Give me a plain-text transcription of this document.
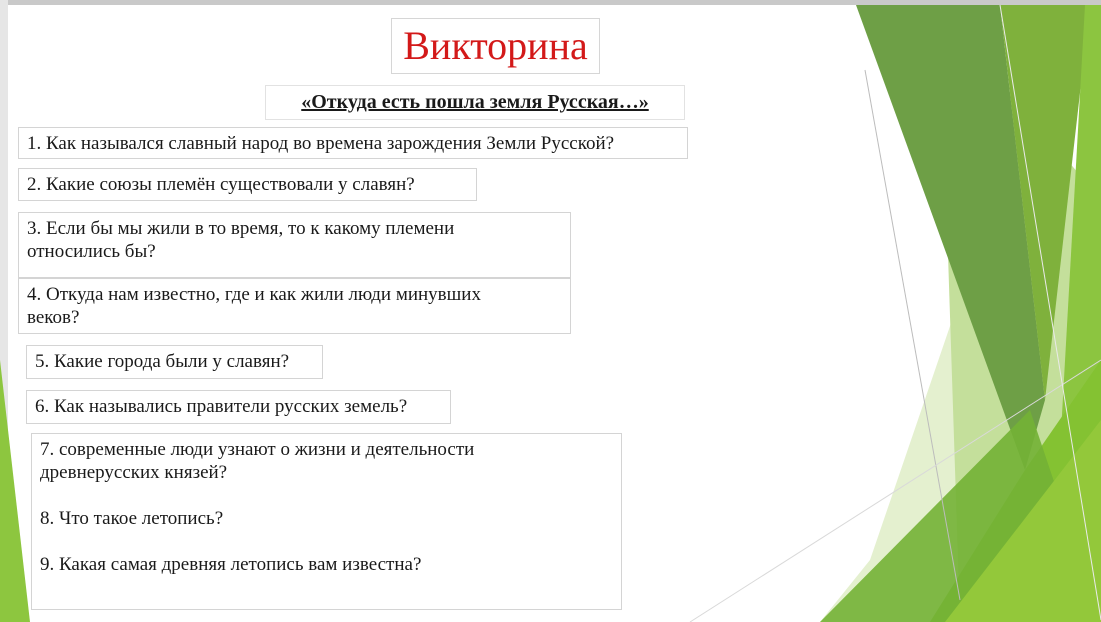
Викторина
«Откуда есть пошла земля Русская…»
1. Как назывался славный народ во времена зарождения Земли Русской?
2. Какие союзы племён существовали у славян?
3. Если бы мы жили в то время, то к какому племени относились бы?
4. Откуда нам известно, где и как жили люди минувших веков?
5. Какие города были у славян?
6. Как назывались правители русских земель?
7. современные люди узнают о жизни и деятельности древнерусских князей?
8. Что такое летопись?
9. Какая самая древняя летопись вам известна?
